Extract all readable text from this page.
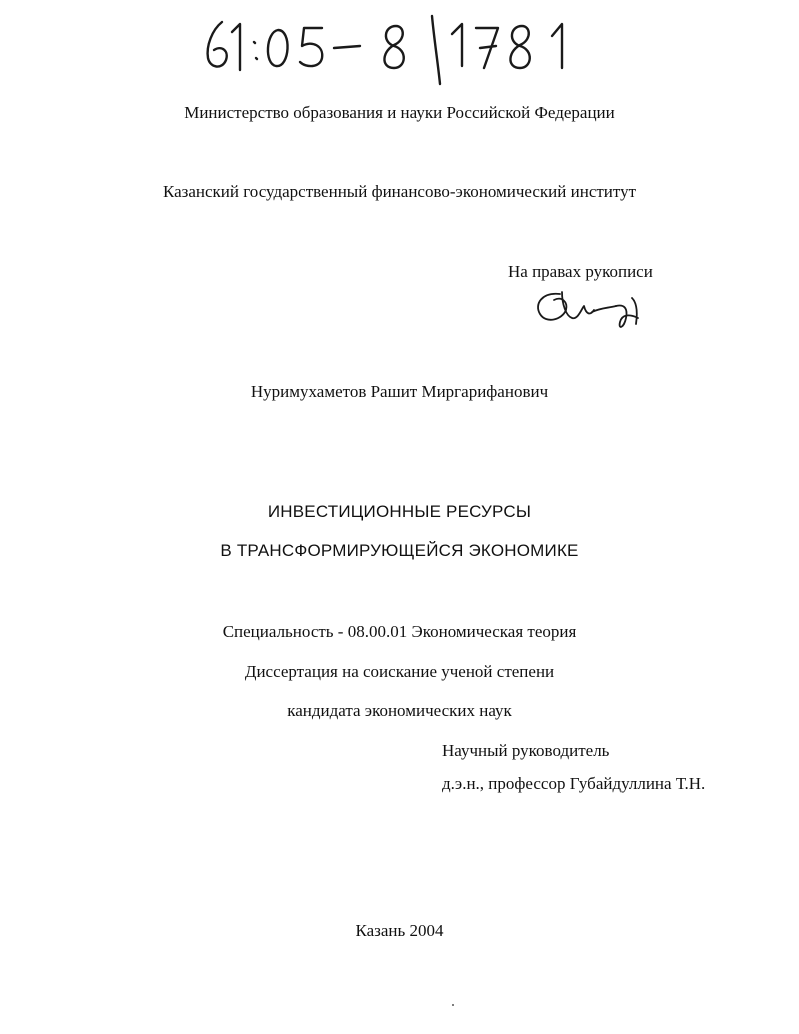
Министерство образования и науки Российской Федерации
Казанский государственный финансово-экономический институт
На правах рукописи
Нуримухаметов Рашит Миргарифанович
ИНВЕСТИЦИОННЫЕ РЕСУРСЫ
В ТРАНСФОРМИРУЮЩЕЙСЯ ЭКОНОМИКЕ
Специальность - 08.00.01 Экономическая теория
Диссертация на соискание ученой степени
кандидата экономических наук
Научный руководитель
д.э.н., профессор Губайдуллина Т.Н.
Казань 2004
